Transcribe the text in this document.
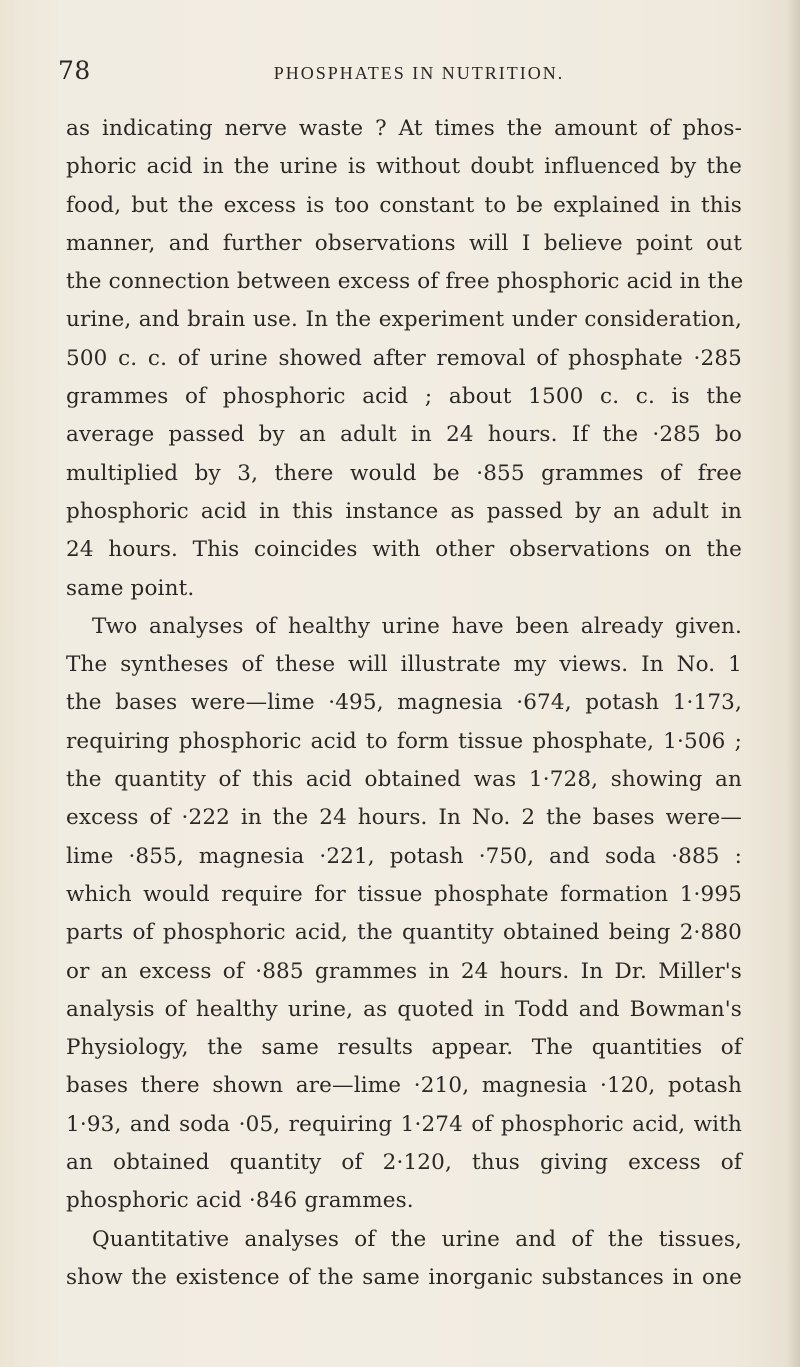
78	PHOSPHATES IN NUTRITION.
as indicating nerve waste ? At times the amount of phos-
phoric acid in the urine is without doubt influenced by the
food, but the excess is too constant to be explained in this
manner, and further observations will I believe point out
the connection between excess of free phosphoric acid in the
urine, and brain use. In the experiment under consideration,
500 c. c. of urine showed after removal of phosphate ·285
grammes of phosphoric acid ; about 1500 c. c. is the
average passed by an adult in 24 hours. If the ·285 bo
multiplied by 3, there would be ·855 grammes of free
phosphoric acid in this instance as passed by an adult in
24 hours. This coincides with other observations on the
same point.
Two analyses of healthy urine have been already given.
The syntheses of these will illustrate my views. In No. 1
the bases were—lime ·495, magnesia ·674, potash 1·173,
requiring phosphoric acid to form tissue phosphate, 1·506 ;
the quantity of this acid obtained was 1·728, showing an
excess of ·222 in the 24 hours. In No. 2 the bases were—
lime ·855, magnesia ·221, potash ·750, and soda ·885 :
which would require for tissue phosphate formation 1·995
parts of phosphoric acid, the quantity obtained being 2·880
or an excess of ·885 grammes in 24 hours. In Dr. Miller's
analysis of healthy urine, as quoted in Todd and Bowman's
Physiology, the same results appear. The quantities of
bases there shown are—lime ·210, magnesia ·120, potash
1·93, and soda ·05, requiring 1·274 of phosphoric acid, with
an obtained quantity of 2·120, thus giving excess of
phosphoric acid ·846 grammes.
Quantitative analyses of the urine and of the tissues,
show the existence of the same inorganic substances in one
